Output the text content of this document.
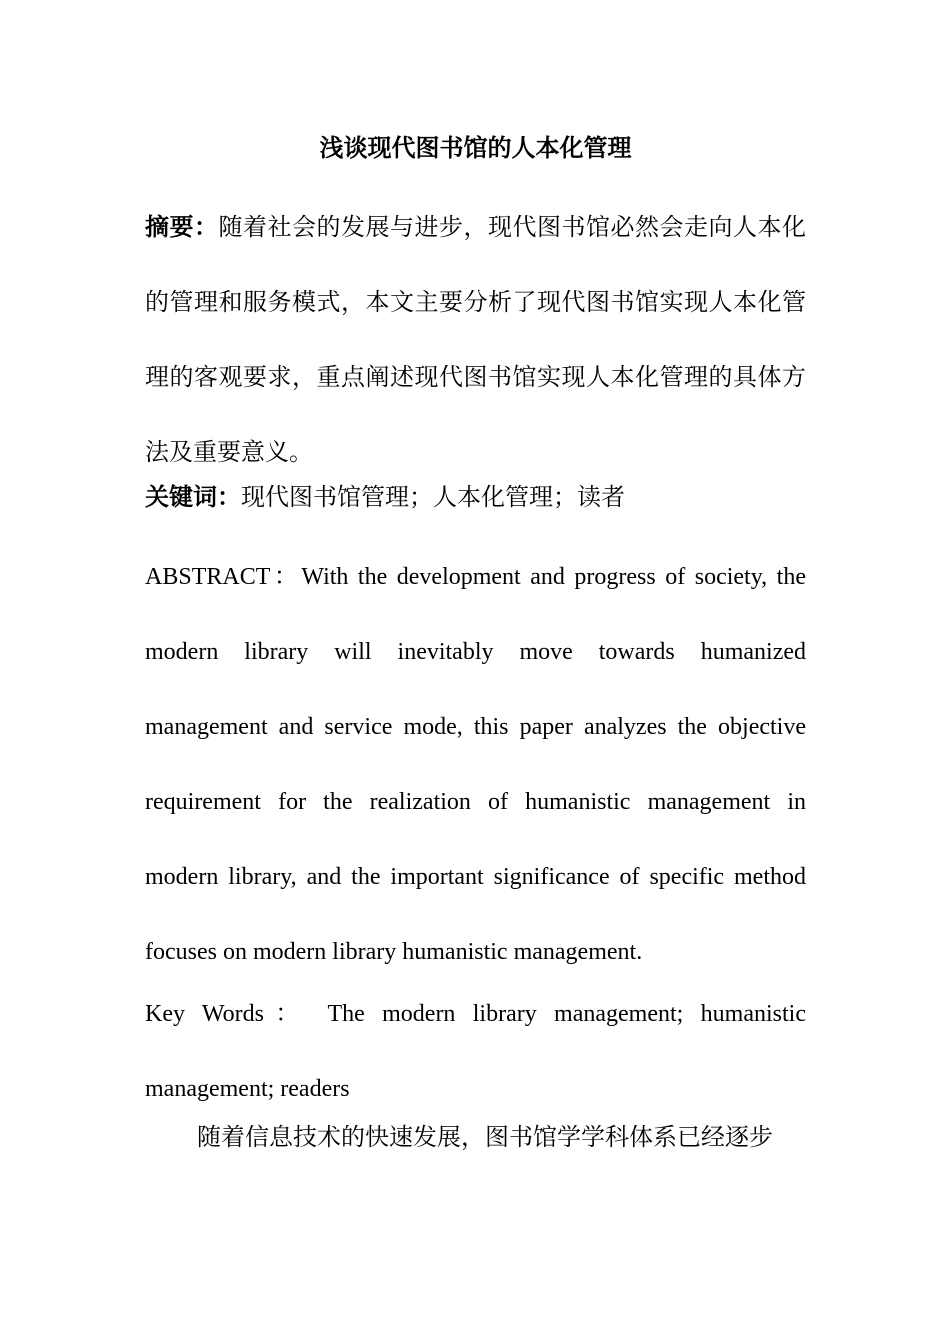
浅谈现代图书馆的人本化管理

摘要：随着社会的发展与进步，现代图书馆必然会走向人本化的管理和服务模式，本文主要分析了现代图书馆实现人本化管理的客观要求，重点阐述现代图书馆实现人本化管理的具体方法及重要意义。

关键词：现代图书馆管理；人本化管理；读者

ABSTRACT：With the development and progress of society, the modern library will inevitably move towards humanized management and service mode, this paper analyzes the objective requirement for the realization of humanistic management in modern library, and the important significance of specific method focuses on modern library humanistic management.

Key Words： The modern library management; humanistic management; readers

随着信息技术的快速发展，图书馆学学科体系已经逐步
